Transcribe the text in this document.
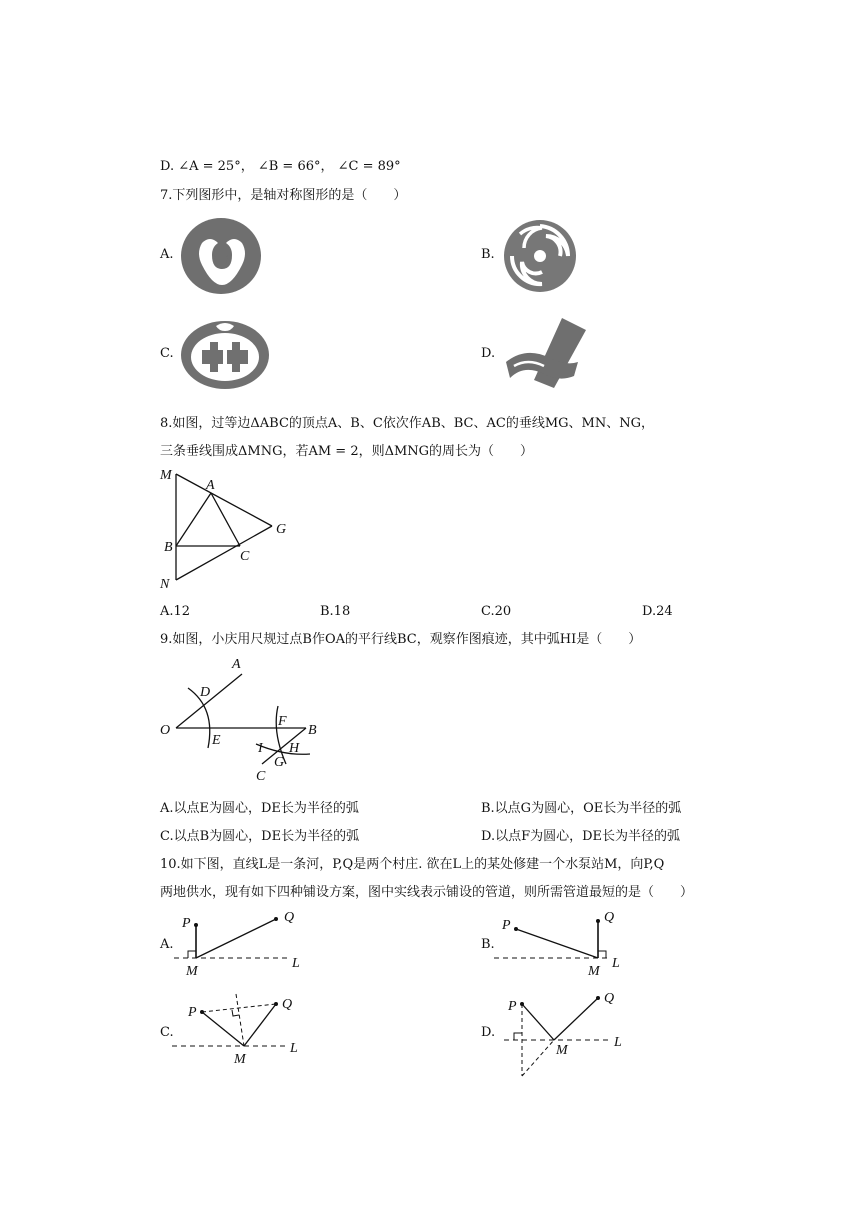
D. ∠A = 25°， ∠B = 66°， ∠C = 89°
7.下列图形中，是轴对称图形的是（　　）
A.	B.
C.	D.
8.如图，过等边ΔABC的顶点A、B、C依次作AB、BC、AC的垂线MG、MN、NG，
三条垂线围成ΔMNG，若AM = 2，则ΔMNG的周长为（　　）
M
A
G
B
C
N
A.12	B.18	C.20	D.24
9.如图，小庆用尺规过点B作OA的平行线BC，观察作图痕迹，其中弧HI是（　　）
A
D
O
E
F
B
I H
G
C
A.以点E为圆心，DE长为半径的弧	B.以点G为圆心，OE长为半径的弧
C.以点B为圆心，DE长为半径的弧	D.以点F为圆心，DE长为半径的弧
10.如下图，直线L是一条河，P,Q是两个村庄. 欲在L上的某处修建一个水泵站M，向P,Q
两地供水，现有如下四种铺设方案，图中实线表示铺设的管道，则所需管道最短的是（　　）
A.
P	Q
M
L
B.
P
Q
M
L
C.
P
Q
M
L
D.
P
Q
M
L
